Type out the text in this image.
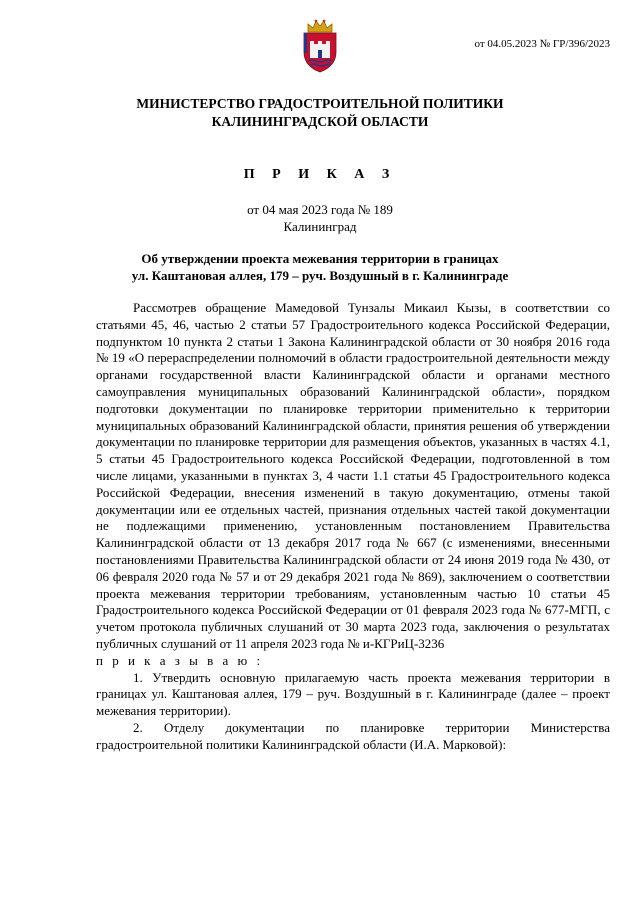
от 04.05.2023 № ГР/396/2023
МИНИСТЕРСТВО ГРАДОСТРОИТЕЛЬНОЙ ПОЛИТИКИ
КАЛИНИНГРАДСКОЙ ОБЛАСТИ
П Р И К А З
от 04 мая 2023 года № 189
Калининград
Об утверждении проекта межевания территории в границах
ул. Каштановая аллея, 179 – руч. Воздушный в г. Калининграде

Рассмотрев обращение Мамедовой Тунзалы Микаил Кызы, в соответствии со статьями 45, 46, частью 2 статьи 57 Градостроительного кодекса Российской Федерации, подпунктом 10 пункта 2 статьи 1 Закона Калининградской области от 30 ноября 2016 года № 19 «О перераспределении полномочий в области градостроительной деятельности между органами государственной власти Калининградской области и органами местного самоуправления муниципальных образований Калининградской области», порядком подготовки документации по планировке территории применительно к территории муниципальных образований Калининградской области, принятия решения об утверждении документации по планировке территории для размещения объектов, указанных в частях 4.1, 5 статьи 45 Градостроительного кодекса Российской Федерации, подготовленной в том числе лицами, указанными в пунктах 3, 4 части 1.1 статьи 45 Градостроительного кодекса Российской Федерации, внесения изменений в такую документацию, отмены такой документации или ее отдельных частей, признания отдельных частей такой документации не подлежащими применению, установленным постановлением Правительства Калининградской области от 13 декабря 2017 года № 667 (с изменениями, внесенными постановлениями Правительства Калининградской области от 24 июня 2019 года № 430, от 06 февраля 2020 года № 57 и от 29 декабря 2021 года № 869), заключением о соответствии проекта межевания территории требованиям, установленным частью 10 статьи 45 Градостроительного кодекса Российской Федерации от 01 февраля 2023 года № 677-МГП, с учетом протокола публичных слушаний от 30 марта 2023 года, заключения о результатах публичных слушаний от 11 апреля 2023 года № и-КГРиЦ-3236

п р и к а з ы в а ю :

1. Утвердить основную прилагаемую часть проекта межевания территории в границах ул. Каштановая аллея, 179 – руч. Воздушный в г. Калининграде (далее – проект межевания территории).

2. Отделу документации по планировке территории Министерства градостроительной политики Калининградской области (И.А. Марковой):
